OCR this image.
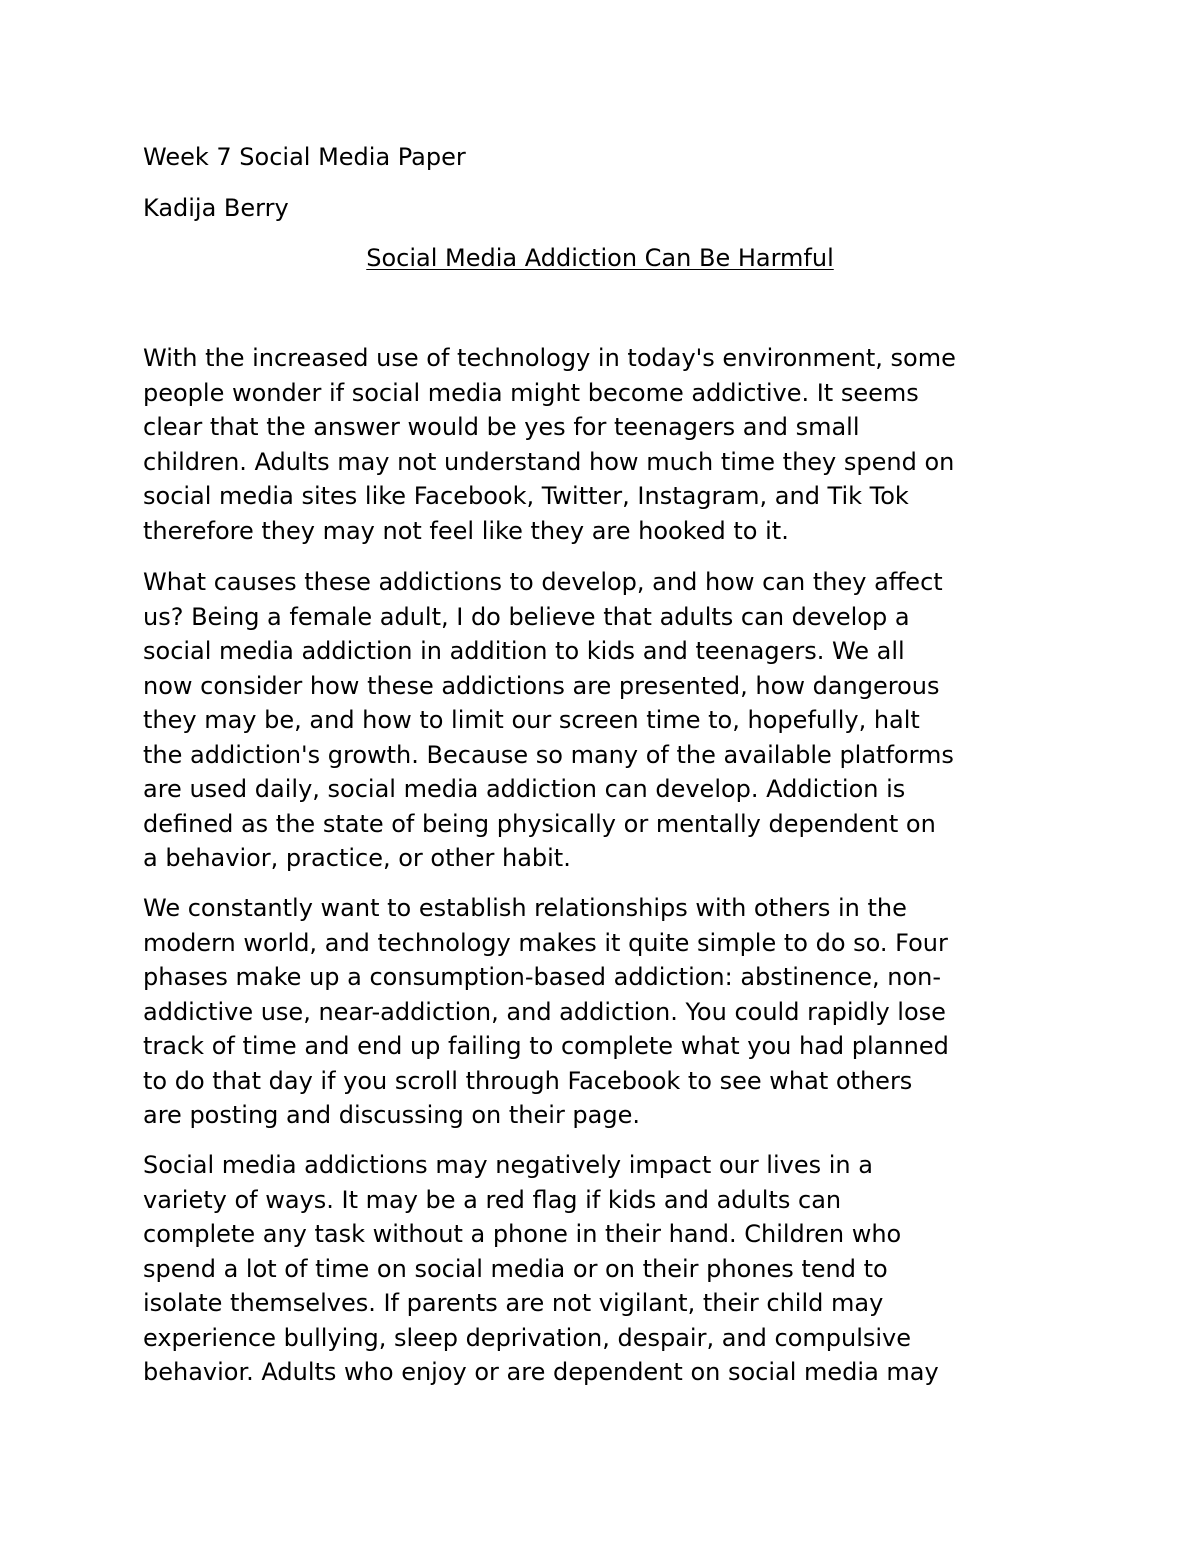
Week 7 Social Media Paper

Kadija Berry

Social Media Addiction Can Be Harmful

With the increased use of technology in today's environment, some
people wonder if social media might become addictive. It seems
clear that the answer would be yes for teenagers and small
children. Adults may not understand how much time they spend on
social media sites like Facebook, Twitter, Instagram, and Tik Tok
therefore they may not feel like they are hooked to it.
What causes these addictions to develop, and how can they affect
us? Being a female adult, I do believe that adults can develop a
social media addiction in addition to kids and teenagers. We all
now consider how these addictions are presented, how dangerous
they may be, and how to limit our screen time to, hopefully, halt
the addiction's growth. Because so many of the available platforms
are used daily, social media addiction can develop. Addiction is
defined as the state of being physically or mentally dependent on
a behavior, practice, or other habit.
We constantly want to establish relationships with others in the
modern world, and technology makes it quite simple to do so. Four
phases make up a consumption-based addiction: abstinence, non-
addictive use, near-addiction, and addiction. You could rapidly lose
track of time and end up failing to complete what you had planned
to do that day if you scroll through Facebook to see what others
are posting and discussing on their page.
Social media addictions may negatively impact our lives in a
variety of ways. It may be a red flag if kids and adults can
complete any task without a phone in their hand. Children who
spend a lot of time on social media or on their phones tend to
isolate themselves. If parents are not vigilant, their child may
experience bullying, sleep deprivation, despair, and compulsive
behavior. Adults who enjoy or are dependent on social media may
